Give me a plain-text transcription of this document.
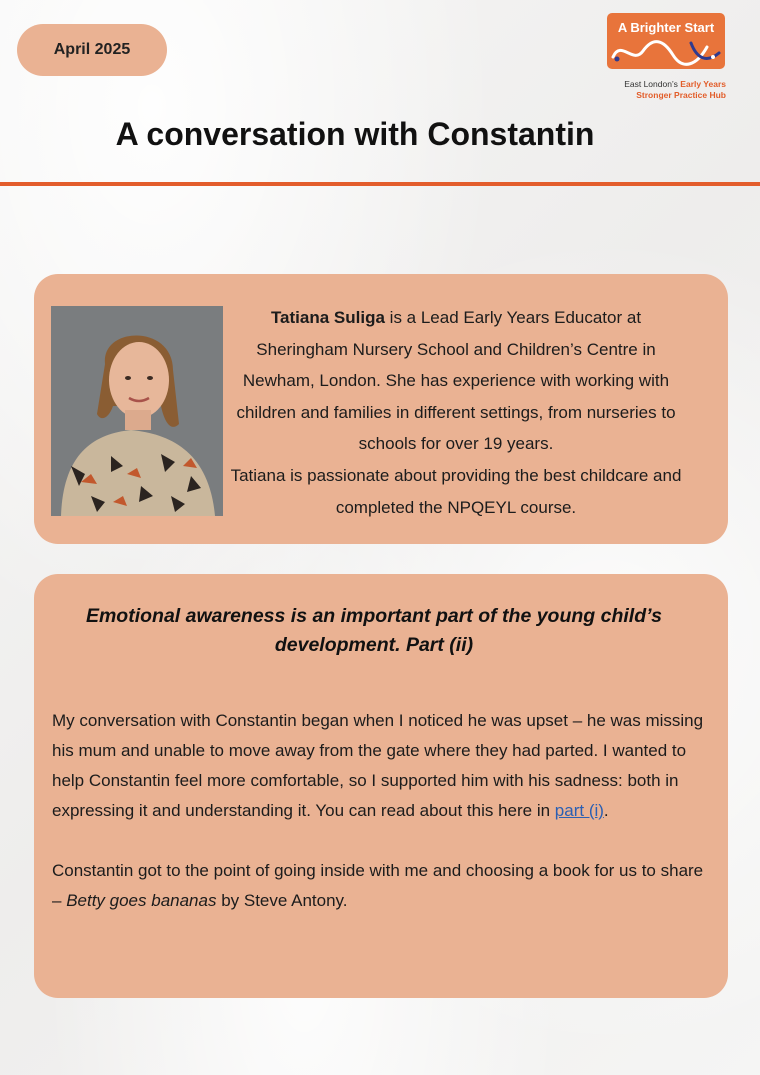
April 2025
A Brighter Start
East London’s Early Years
Stronger Practice Hub
A conversation with Constantin

Tatiana Suliga is a Lead Early Years Educator at Sheringham Nursery School and Children’s Centre in Newham, London. She has experience with working with children and families in different settings, from nurseries to schools for over 19 years.

Tatiana is passionate about providing the best childcare and completed the NPQEYL course.

Emotional awareness is an important part of the young child’s development. Part (ii)

My conversation with Constantin began when I noticed he was upset – he was missing his mum and unable to move away from the gate where they had parted. I wanted to help Constantin feel more comfortable, so I supported him with his sadness: both in expressing it and understanding it. You can read about this here in part (i).

Constantin got to the point of going inside with me and choosing a book for us to share – Betty goes bananas by Steve Antony.
